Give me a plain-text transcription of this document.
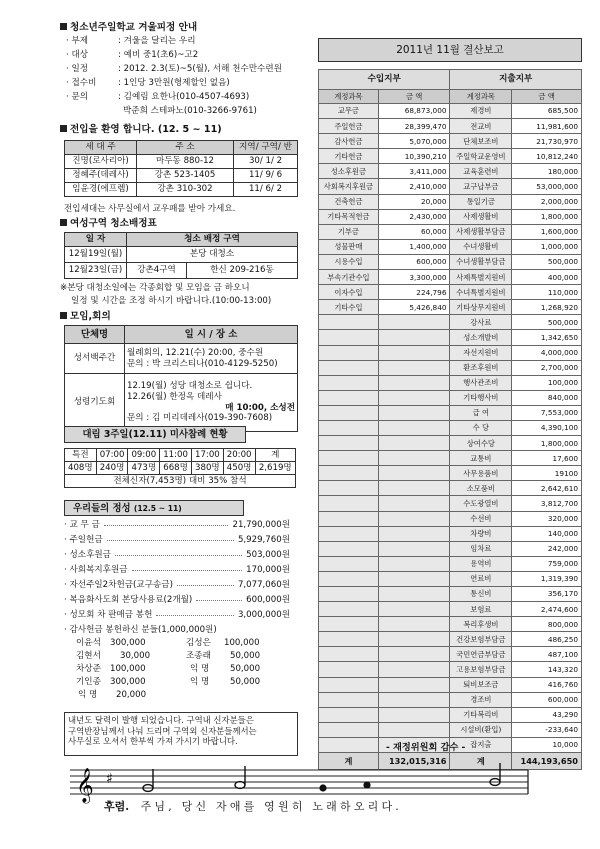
청소년주일학교 겨울피정 안내
· 부제	: 겨울을 달리는 우리
· 대상	: 예비 중1(초6)~고2
· 일정	: 2012. 2.3(토)~5(월), 서해 천수만수련원
· 접수비	: 1인당 3만원(형제할인 없음)
· 문의	: 김예림 요한나(010-4507-4693)
박준희 스테파노(010-3266-9761)
전입을 환영 합니다. (12. 5 ~ 11)
세 대 주	주 소	지역/ 구역/ 반
진명(로사리아)	마두동 880-12	30/ 1/ 2
정혜주(데레사)	강촌 523-1405	11/ 9/ 6
임윤경(에프렘)	강촌 310-302	11/ 6/ 2
전입세대는 사무실에서 교우패를 받아 가세요.
여성구역 청소배정표
일 자	청소 배정 구역	
12월19일(월)	본당 대청소	
12월23일(금)	강촌4구역	한신 209-216동
※본당 대청소일에는 각종회합 및 모임을 금 하오니
일정 및 시간을 조정 하시기 바랍니다.(10:00-13:00)
모임,회의
단체명	일 시 / 장 소
성서백주간	월례회의, 12.21(수) 20:00, 중수원
문의 : 박 크리스티나(010-4129-5250)

성령기도회	12.19(월) 성당 대청소로 쉽니다.
12.26(월) 한정옥 데레사
매 10:00, 소성전
문의 : 김 미리데레사(019-390-7608)
대림 3주일(12.11) 미사참례 현황
특전	07:00	09:00	11:00	17:00	20:00	계
408명	240명	473명	668명	380명	450명	2,619명
전체신자(7,453명) 대비 35% 참석						
우리들의 정성 (12.5 ~ 11)
· 교 무 금	21,790,000원
· 주일헌금	5,929,760원
· 성소후원금	503,000원
· 사회복지후원금	170,000원
· 자선주일2차헌금(교구송금)	7,077,060원
· 복음화사도회 본당사용료(2개월)	600,000원
· 성모회 차 판매금 봉헌	3,000,000원
· 감사헌금 봉헌하신 분들(1,000,000원)
이윤석 300,000	김성은 100,000
김현서 30,000	조종래 50,000
차상준 100,000	익 명 50,000
기인종 300,000	익 명 50,000
익 명 20,000
내년도 달력이 발행 되었습니다. 구역내 신자분들은
구역반장님께서 나눠 드리며 구역외 신자분들께서는
사무실로 오셔서 한부씩 가져 가시기 바랍니다.
2011년 11월 결산보고
수입지부		지출지부	
계정과목	금 액	계정과목	금 액
교무금	68,873,000	제경비	685,500
주일헌금	28,399,470	전교비	11,981,600
감사헌금	5,070,000	단체보조비	21,730,970
기타헌금	10,390,210	주일학교운영비	10,812,240
성소후원금	3,411,000	교육훈련비	180,000
사회복지후원금	2,410,000	교구납부금	53,000,000
건축헌금	20,000	통일기금	2,000,000
기타목적헌금	2,430,000	사제생활비	1,800,000
기부금	60,000	사제생활부담금	1,600,000
성물판매	1,400,000	수녀생활비	1,000,000
시용수입	600,000	수녀생활부담금	500,000
부속기관수입	3,300,000	사제특별지원비	400,000
이자수입	224,796	수녀특별지원비	110,000
기타수입	5,426,840	기타상무지원비	1,268,920
		강사료	500,000
		성소개발비	1,342,650
		자선지원비	4,000,000
		환조후원비	2,700,000
		행사관조비	100,000
		기타행사비	840,000
		급 여	7,553,000
		수 당	4,390,100
		상여수당	1,800,000
		교통비	17,600
		사무용품비	19100
		소모품비	2,642,610
		수도광열비	3,812,700
		수선비	320,000
		차량비	140,000
		임차료	242,000
		용역비	759,000
		연료비	1,319,390
		통신비	356,170
		보험료	2,474,600
		복리후생비	800,000
		건강보험부담금	486,250
		국민연금부담금	487,100
		고용보험부담금	143,320
		퇴비보조금	416,760
		경조비	600,000
		기타복리비	43,290
		시설비(환입)	-233,640
		잡지출	10,000
계	132,015,316	계	144,193,650
- 재정위원회 감수 -
𝄞 ♯
후렴. 주님, 당신 자애를 영원히 노래하오리다.
